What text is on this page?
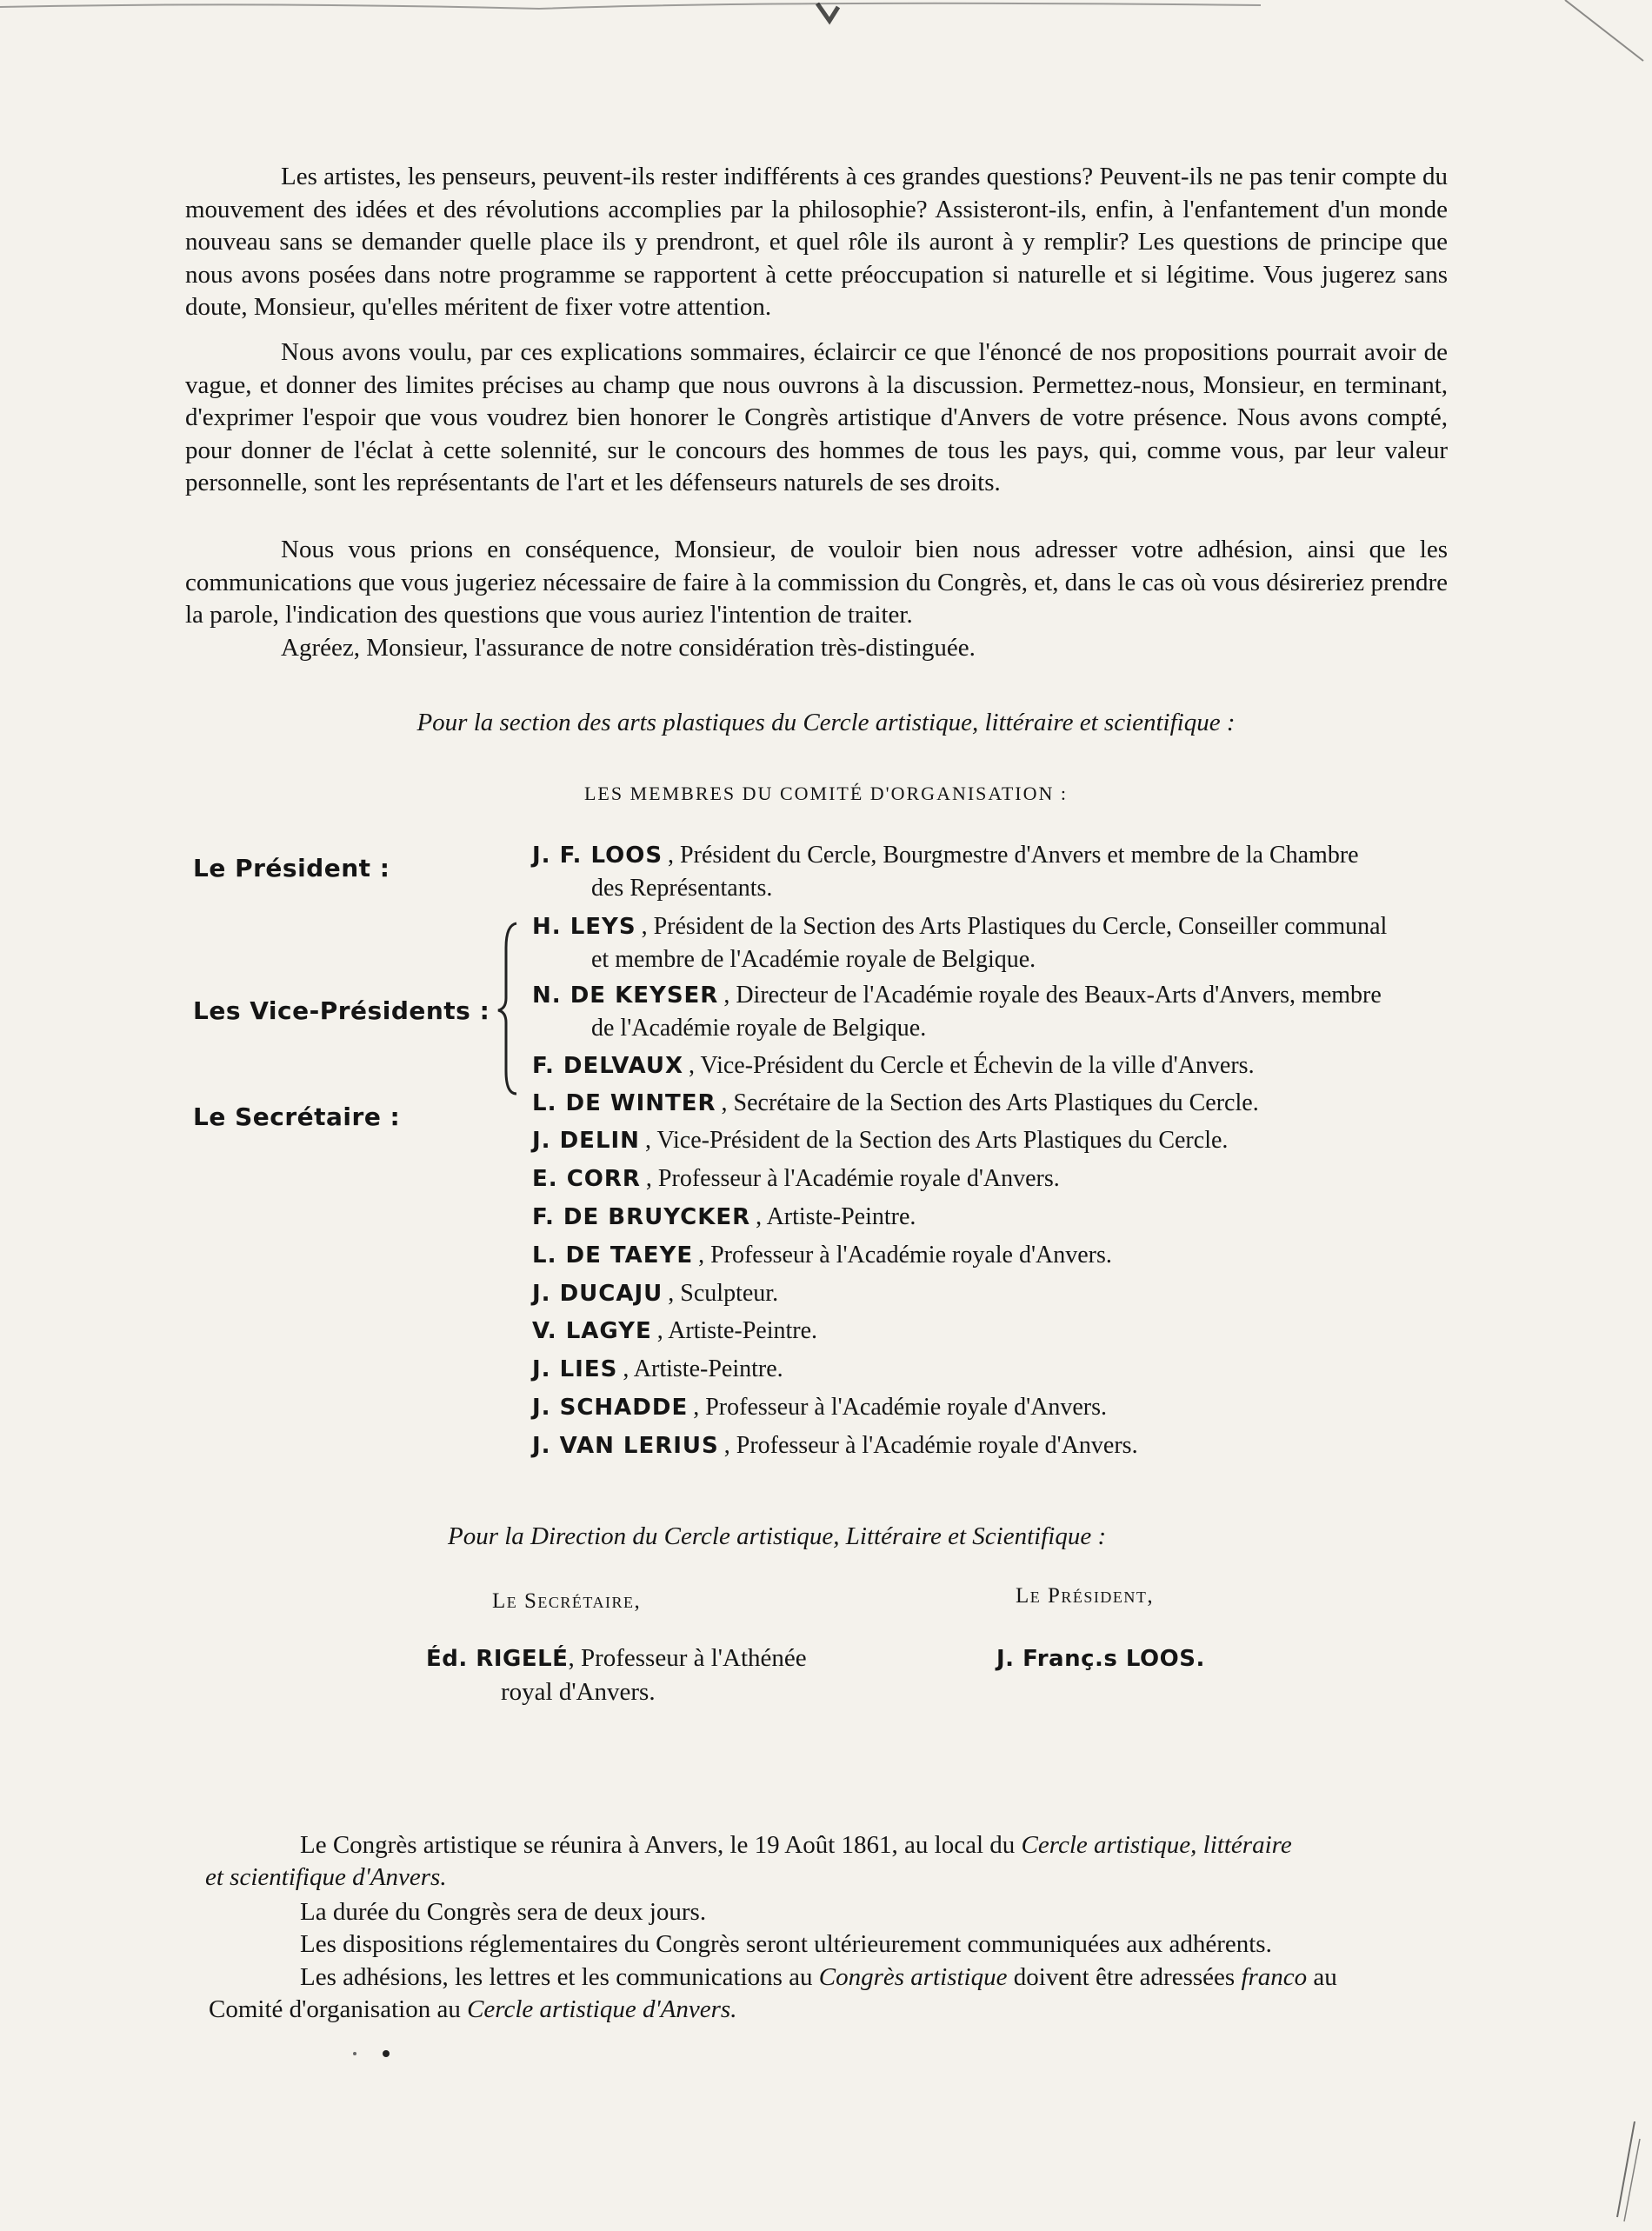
Les artistes, les penseurs, peuvent-ils rester indifférents à ces grandes questions? Peuvent-ils ne pas tenir compte du mouvement des idées et des révolutions accomplies par la philosophie? Assisteront-ils, enfin, à l'enfantement d'un monde nouveau sans se demander quelle place ils y prendront, et quel rôle ils auront à y remplir? Les questions de principe que nous avons posées dans notre programme se rapportent à cette préoccupation si naturelle et si légitime. Vous jugerez sans doute, Monsieur, qu'elles méritent de fixer votre attention.

Nous avons voulu, par ces explications sommaires, éclaircir ce que l'énoncé de nos propositions pourrait avoir de vague, et donner des limites précises au champ que nous ouvrons à la discussion. Permettez-nous, Monsieur, en terminant, d'exprimer l'espoir que vous voudrez bien honorer le Congrès artistique d'Anvers de votre présence. Nous avons compté, pour donner de l'éclat à cette solennité, sur le concours des hommes de tous les pays, qui, comme vous, par leur valeur personnelle, sont les représentants de l'art et les défenseurs naturels de ses droits.

Nous vous prions en conséquence, Monsieur, de vouloir bien nous adresser votre adhésion, ainsi que les communications que vous jugeriez nécessaire de faire à la commission du Congrès, et, dans le cas où vous désireriez prendre la parole, l'indication des questions que vous auriez l'intention de traiter.

Agréez, Monsieur, l'assurance de notre considération très-distinguée.

Pour la section des arts plastiques du Cercle artistique, littéraire et scientifique :

LES MEMBRES DU COMITÉ D'ORGANISATION :
Le Président :
Les Vice-Présidents :
Le Secrétaire :
J. F. LOOS , Président du Cercle, Bourgmestre d'Anvers et membre de la Chambre
des Représentants.
H. LEYS , Président de la Section des Arts Plastiques du Cercle, Conseiller communal
et membre de l'Académie royale de Belgique.
N. DE KEYSER , Directeur de l'Académie royale des Beaux-Arts d'Anvers, membre
de l'Académie royale de Belgique.
F. DELVAUX , Vice-Président du Cercle et Échevin de la ville d'Anvers.
L. DE WINTER , Secrétaire de la Section des Arts Plastiques du Cercle.
J. DELIN , Vice-Président de la Section des Arts Plastiques du Cercle.
E. CORR , Professeur à l'Académie royale d'Anvers.
F. DE BRUYCKER , Artiste-Peintre.
L. DE TAEYE , Professeur à l'Académie royale d'Anvers.
J. DUCAJU , Sculpteur.
V. LAGYE , Artiste-Peintre.
J. LIES , Artiste-Peintre.
J. SCHADDE , Professeur à l'Académie royale d'Anvers.
J. VAN LERIUS , Professeur à l'Académie royale d'Anvers.

Pour la Direction du Cercle artistique, Littéraire et Scientifique :

Le Secrétaire,	Le Président,
Éd. RIGELÉ, Professeur à l'Athénée
royal d'Anvers.
J. Franç.s LOOS.

Le Congrès artistique se réunira à Anvers, le 19 Août 1861, au local du Cercle artistique, littéraire

et scientifique d'Anvers.

La durée du Congrès sera de deux jours.

Les dispositions réglementaires du Congrès seront ultérieurement communiquées aux adhérents.

Les adhésions, les lettres et les communications au Congrès artistique doivent être adressées franco au

Comité d'organisation au Cercle artistique d'Anvers.
